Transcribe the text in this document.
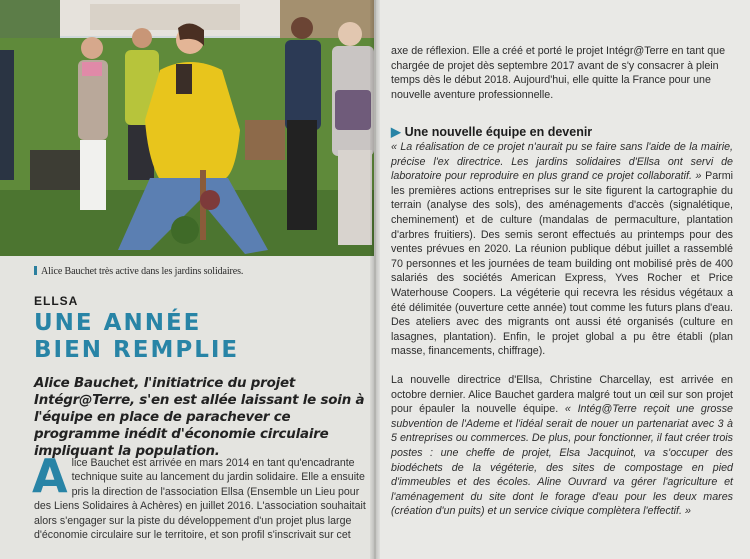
Alice Bauchet très active dans les jardins solidaires.
ELLSA
UNE ANNÉE
BIEN REMPLIE
Alice Bauchet, l'initiatrice du projet Intégr@Terre, s'en est allée laissant le soin à l'équipe en place de parachever ce programme inédit d'économie circulaire impliquant la population.
Alice Bauchet est arrivée en mars 2014 en tant qu'encadrante technique suite au lancement du jardin solidaire. Elle a ensuite pris la direction de l'association Ellsa (Ensemble un Lieu pour des Liens Solidaires à Achères) en juillet 2016. L'association souhaitait alors s'engager sur la piste du développement d'un projet plus large d'économie circulaire sur le territoire, et son profil s'inscrivait sur cet
axe de réflexion. Elle a créé et porté le projet Intégr@Terre en tant que chargée de projet dès septembre 2017 avant de s'y consacrer à plein temps dès le début 2018. Aujourd'hui, elle quitte la France pour une nouvelle aventure professionnelle.
▶ Une nouvelle équipe en devenir
« La réalisation de ce projet n'aurait pu se faire sans l'aide de la mairie, précise l'ex directrice. Les jardins solidaires d'Ellsa ont servi de laboratoire pour reproduire en plus grand ce projet collaboratif. » Parmi les premières actions entreprises sur le site figurent la cartographie du terrain (analyse des sols), des aménagements d'accès (signalétique, cheminement) et de culture (mandalas de permaculture, plantation d'arbres fruitiers). Des semis seront effectués au printemps pour des ventes prévues en 2020. La réunion publique début juillet a rassemblé 70 personnes et les journées de team building ont mobilisé près de 400 salariés des sociétés American Express, Yves Rocher et Price Waterhouse Coopers. La végéterie qui recevra les résidus végétaux a été délimitée (ouverture cette année) tout comme les futurs plans d'eau. Des ateliers avec des migrants ont aussi été organisés (culture en lasagnes, plantation). Enfin, le projet global a pu être établi (plan masse, financements, chiffrage).
La nouvelle directrice d'Ellsa, Christine Charcellay, est arrivée en octobre dernier. Alice Bauchet gardera malgré tout un œil sur son projet pour épauler la nouvelle équipe. « Intég@Terre reçoit une grosse subvention de l'Ademe et l'idéal serait de nouer un partenariat avec 3 à 5 entreprises ou commerces. De plus, pour fonctionner, il faut créer trois postes : une cheffe de projet, Elsa Jacquinot, va s'occuper des biodéchets de la végéterie, des sites de compostage en pied d'immeubles et des écoles. Aline Ouvrard va gérer l'agriculture et l'aménagement du site dont le forage d'eau pour les deux mares (création d'un puits) et un service civique complètera l'effectif. »
